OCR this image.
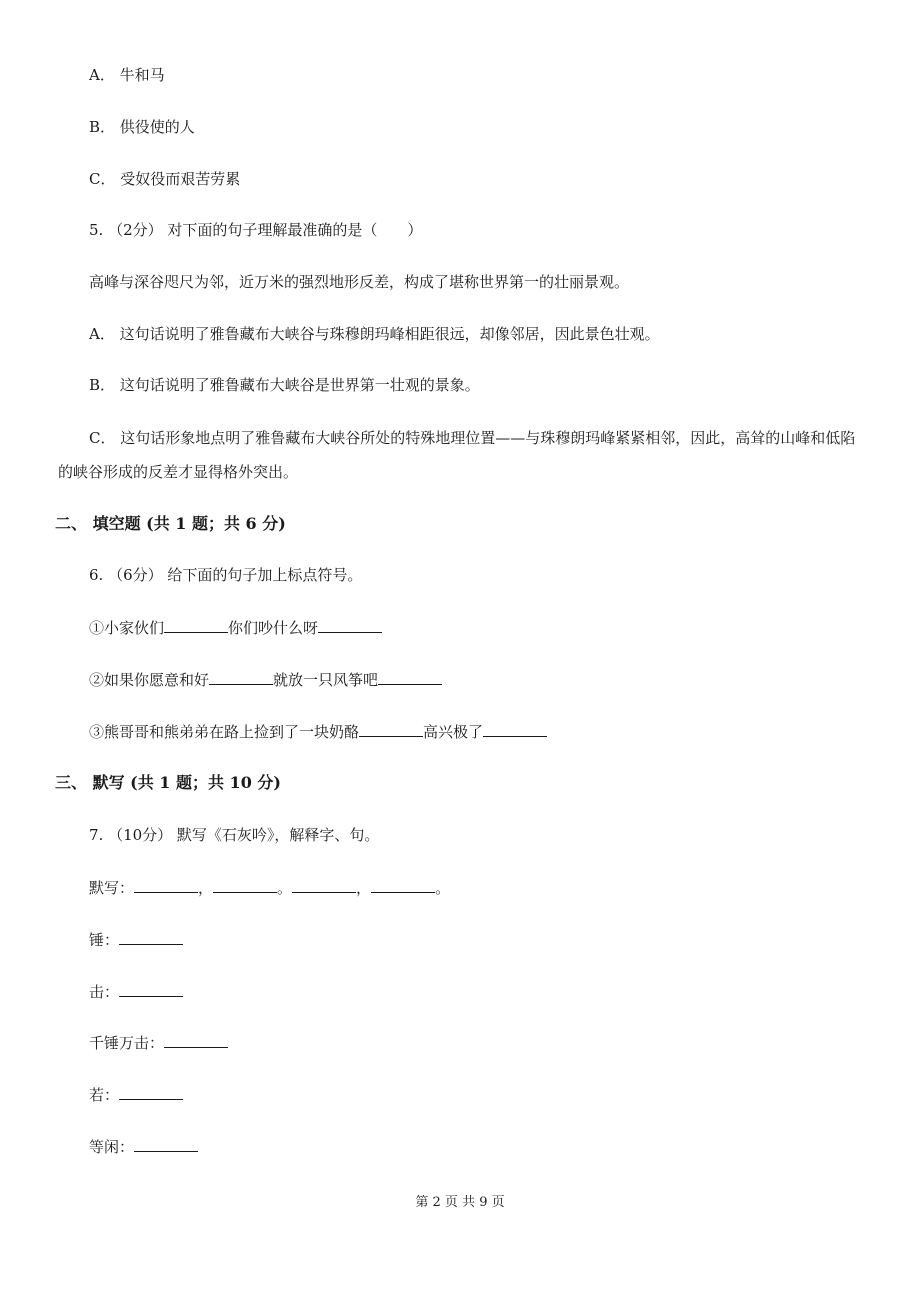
A． 牛和马
B． 供役使的人
C． 受奴役而艰苦劳累
5. （2分） 对下面的句子理解最准确的是（　　）
高峰与深谷咫尺为邻，近万米的强烈地形反差，构成了堪称世界第一的壮丽景观。
A． 这句话说明了雅鲁藏布大峡谷与珠穆朗玛峰相距很远，却像邻居，因此景色壮观。
B． 这句话说明了雅鲁藏布大峡谷是世界第一壮观的景象。
C． 这句话形象地点明了雅鲁藏布大峡谷所处的特殊地理位置——与珠穆朗玛峰紧紧相邻，因此，高耸的山峰和低陷的峡谷形成的反差才显得格外突出。
二、 填空题 (共 1 题；共 6 分)
6. （6分） 给下面的句子加上标点符号。
①小家伙们	你们吵什么呀
②如果你愿意和好	就放一只风筝吧
③熊哥哥和熊弟弟在路上捡到了一块奶酪	高兴极了
三、 默写 (共 1 题；共 10 分)
7. （10分） 默写《石灰吟》，解释字、句。
默写：	，	。	，	。
锤：
击：
千锤万击：
若：
等闲：
第 2 页 共 9 页
